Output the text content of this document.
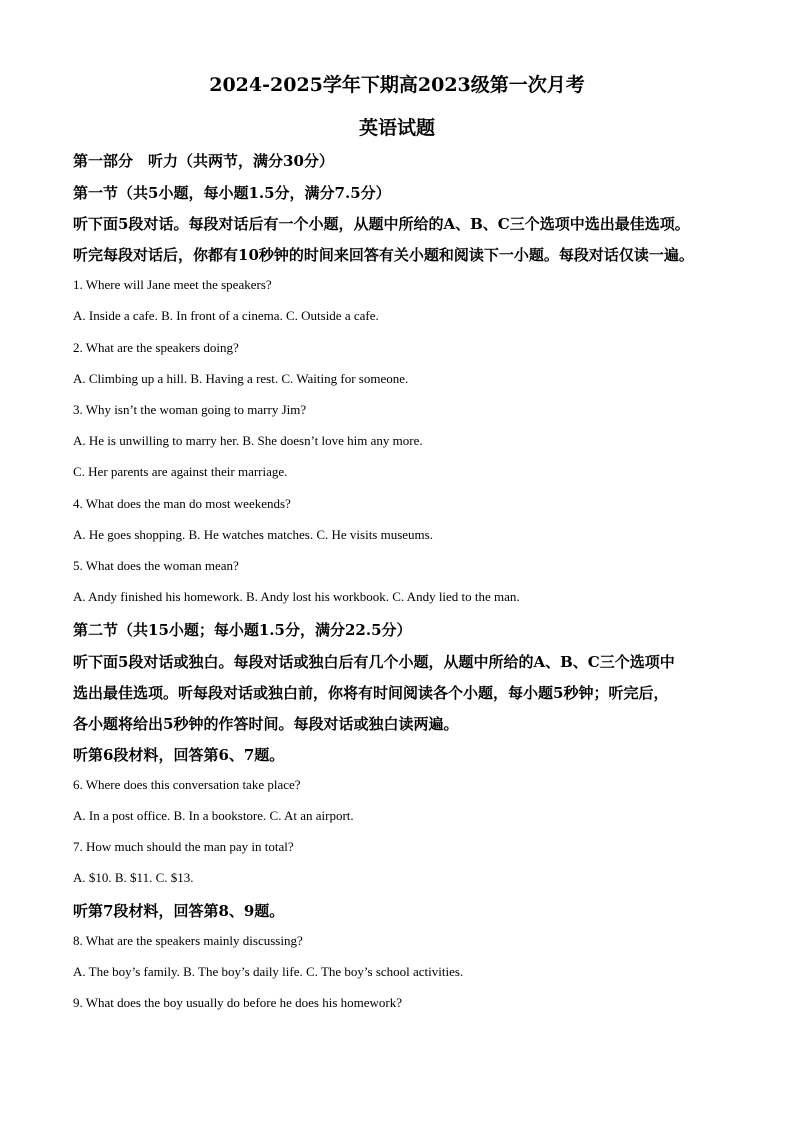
2024-2025学年下期高2023级第一次月考
英语试题
第一部分　听力（共两节，满分30分）
第一节（共5小题，每小题1.5分，满分7.5分）
听下面5段对话。每段对话后有一个小题，从题中所给的A、B、C三个选项中选出最佳选项。
听完每段对话后，你都有10秒钟的时间来回答有关小题和阅读下一小题。每段对话仅读一遍。
1. Where will Jane meet the speakers?
A. Inside a cafe. B. In front of a cinema. C. Outside a cafe.
2. What are the speakers doing?
A. Climbing up a hill. B. Having a rest. C. Waiting for someone.
3. Why isn’t the woman going to marry Jim?
A. He is unwilling to marry her. B. She doesn’t love him any more.
C. Her parents are against their marriage.
4. What does the man do most weekends?
A. He goes shopping. B. He watches matches. C. He visits museums.
5. What does the woman mean?
A. Andy finished his homework. B. Andy lost his workbook. C. Andy lied to the man.
第二节（共15小题；每小题1.5分，满分22.5分）
听下面5段对话或独白。每段对话或独白后有几个小题，从题中所给的A、B、C三个选项中
选出最佳选项。听每段对话或独白前，你将有时间阅读各个小题，每小题5秒钟；听完后，
各小题将给出5秒钟的作答时间。每段对话或独白读两遍。
听第6段材料，回答第6、7题。
6. Where does this conversation take place?
A. In a post office. B. In a bookstore. C. At an airport.
7. How much should the man pay in total?
A. $10. B. $11. C. $13.
听第7段材料，回答第8、9题。
8. What are the speakers mainly discussing?
A. The boy’s family. B. The boy’s daily life. C. The boy’s school activities.
9. What does the boy usually do before he does his homework?
